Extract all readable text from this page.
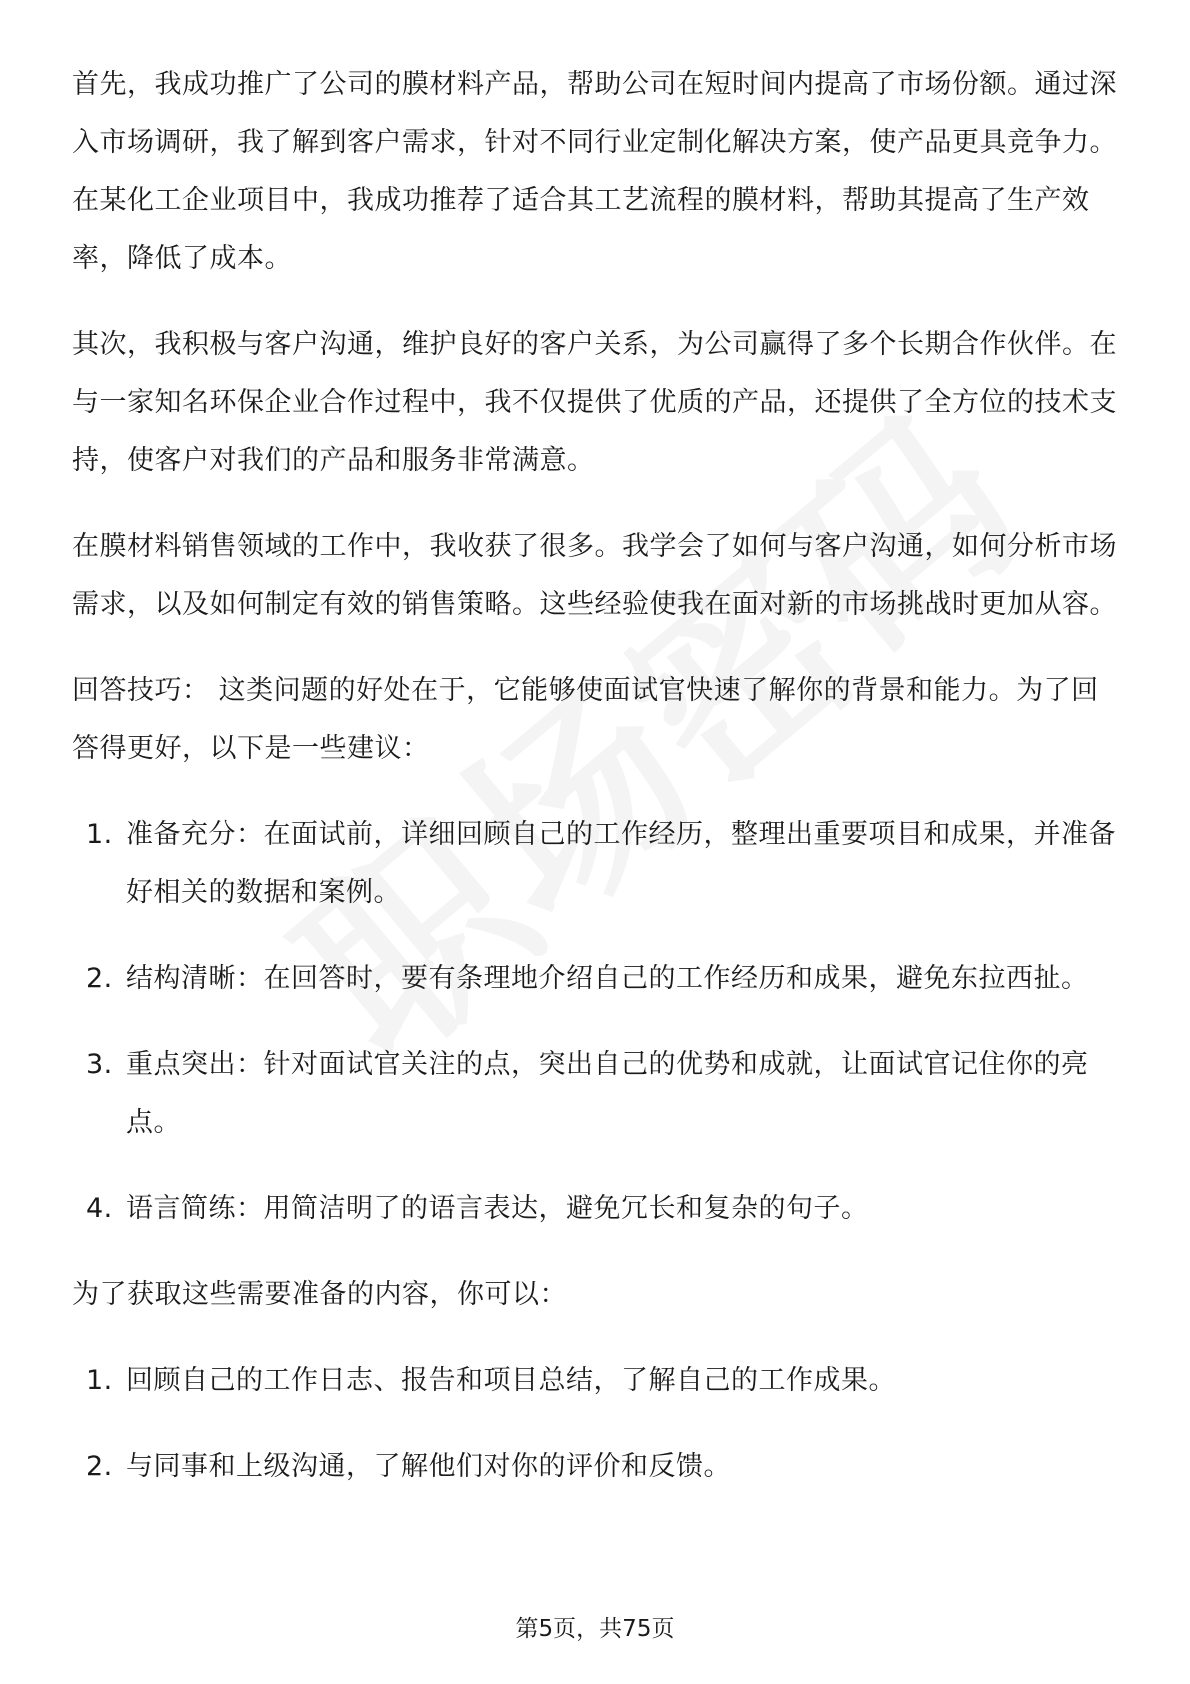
首先，我成功推广了公司的膜材料产品，帮助公司在短时间内提高了市场份额。通过深入市场调研，我了解到客户需求，针对不同行业定制化解决方案，使产品更具竞争力。在某化工企业项目中，我成功推荐了适合其工艺流程的膜材料，帮助其提高了生产效率，降低了成本。

其次，我积极与客户沟通，维护良好的客户关系，为公司赢得了多个长期合作伙伴。在与一家知名环保企业合作过程中，我不仅提供了优质的产品，还提供了全方位的技术支持，使客户对我们的产品和服务非常满意。

在膜材料销售领域的工作中，我收获了很多。我学会了如何与客户沟通，如何分析市场需求，以及如何制定有效的销售策略。这些经验使我在面对新的市场挑战时更加从容。

回答技巧： 这类问题的好处在于，它能够使面试官快速了解你的背景和能力。为了回答得更好，以下是一些建议：

1. 准备充分：在面试前，详细回顾自己的工作经历，整理出重要项目和成果，并准备好相关的数据和案例。
2. 结构清晰：在回答时，要有条理地介绍自己的工作经历和成果，避免东拉西扯。
3. 重点突出：针对面试官关注的点，突出自己的优势和成就，让面试官记住你的亮点。
4. 语言简练：用简洁明了的语言表达，避免冗长和复杂的句子。

为了获取这些需要准备的内容，你可以：

1. 回顾自己的工作日志、报告和项目总结，了解自己的工作成果。
2. 与同事和上级沟通，了解他们对你的评价和反馈。
第5页，共75页
